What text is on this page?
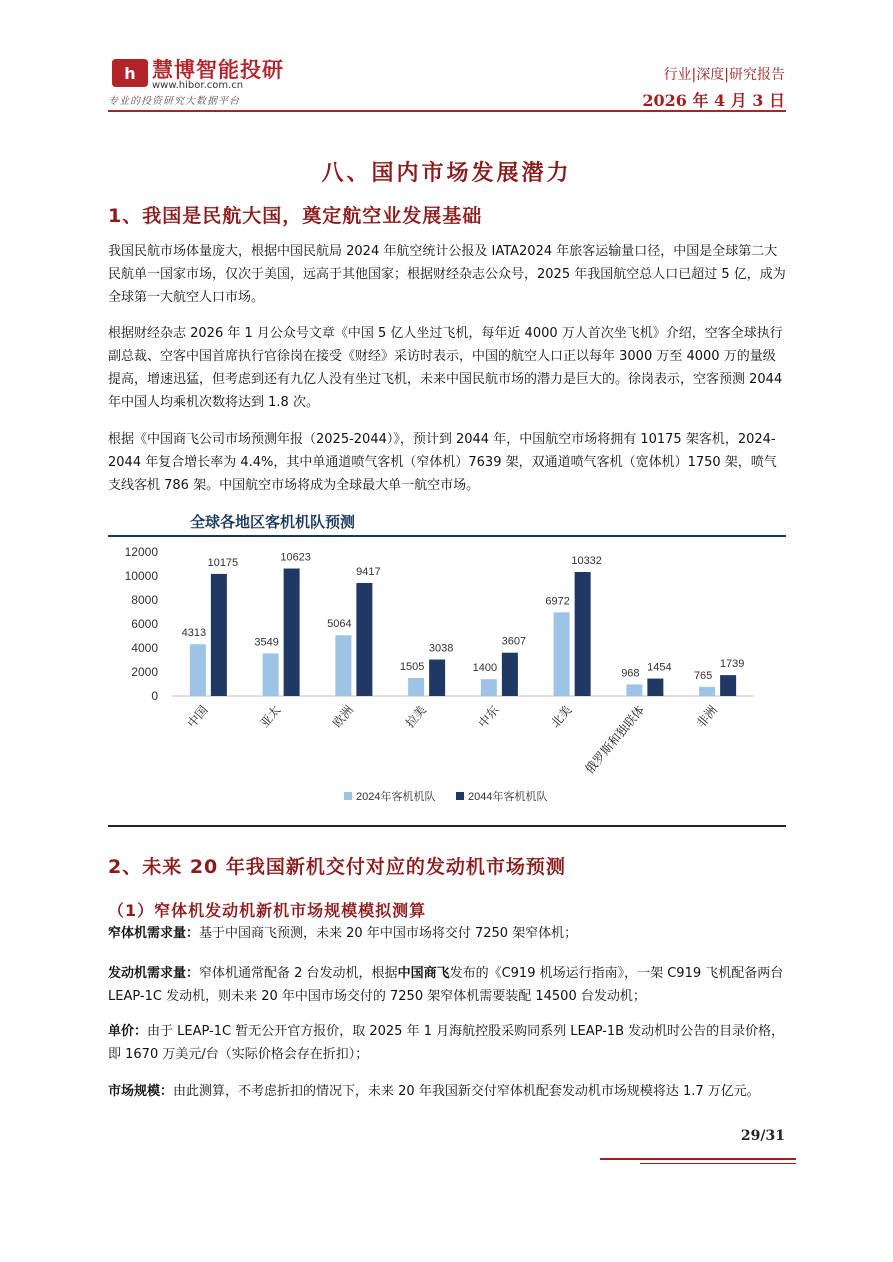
h 慧博智能投研
www.hibor.com.cn
专业的投资研究大数据平台
行业|深度|研究报告
2026 年 4 月 3 日
八、国内市场发展潜力
1、我国是民航大国，奠定航空业发展基础
我国民航市场体量庞大，根据中国民航局 2024 年航空统计公报及 IATA2024 年旅客运输量口径，中国是全球第二大民航单一国家市场，仅次于美国，远高于其他国家；根据财经杂志公众号，2025 年我国航空总人口已超过 5 亿，成为全球第一大航空人口市场。
根据财经杂志 2026 年 1 月公众号文章《中国 5 亿人坐过飞机，每年近 4000 万人首次坐飞机》介绍，空客全球执行副总裁、空客中国首席执行官徐岗在接受《财经》采访时表示，中国的航空人口正以每年 3000 万至 4000 万的量级提高，增速迅猛，但考虑到还有九亿人没有坐过飞机，未来中国民航市场的潜力是巨大的。徐岗表示，空客预测 2044 年中国人均乘机次数将达到 1.8 次。
根据《中国商飞公司市场预测年报（2025-2044）》，预计到 2044 年，中国航空市场将拥有 10175 架客机，2024-2044 年复合增长率为 4.4%，其中单通道喷气客机（窄体机）7639 架，双通道喷气客机（宽体机）1750 架，喷气支线客机 786 架。中国航空市场将成为全球最大单一航空市场。
全球各地区客机机队预测
0
2000
4000
6000
8000
10000
12000
4313
10175
中国
3549
10623
亚太
5064
9417
欧洲
1505
3038
拉美
1400
3607
中东
6972
10332
北美
968 1454
俄罗斯和独联体
765
1739
非洲
2024年客机机队	2044年客机机队
2、未来 20 年我国新机交付对应的发动机市场预测
（1）窄体机发动机新机市场规模模拟测算
窄体机需求量：基于中国商飞预测，未来 20 年中国市场将交付 7250 架窄体机；
发动机需求量：窄体机通常配备 2 台发动机，根据中国商飞发布的《C919 机场运行指南》，一架 C919 飞机配备两台 LEAP-1C 发动机，则未来 20 年中国市场交付的 7250 架窄体机需要装配 14500 台发动机；
单价：由于 LEAP-1C 暂无公开官方报价，取 2025 年 1 月海航控股采购同系列 LEAP-1B 发动机时公告的目录价格，即 1670 万美元/台（实际价格会存在折扣）；
市场规模：由此测算，不考虑折扣的情况下，未来 20 年我国新交付窄体机配套发动机市场规模将达 1.7 万亿元。
29/31
